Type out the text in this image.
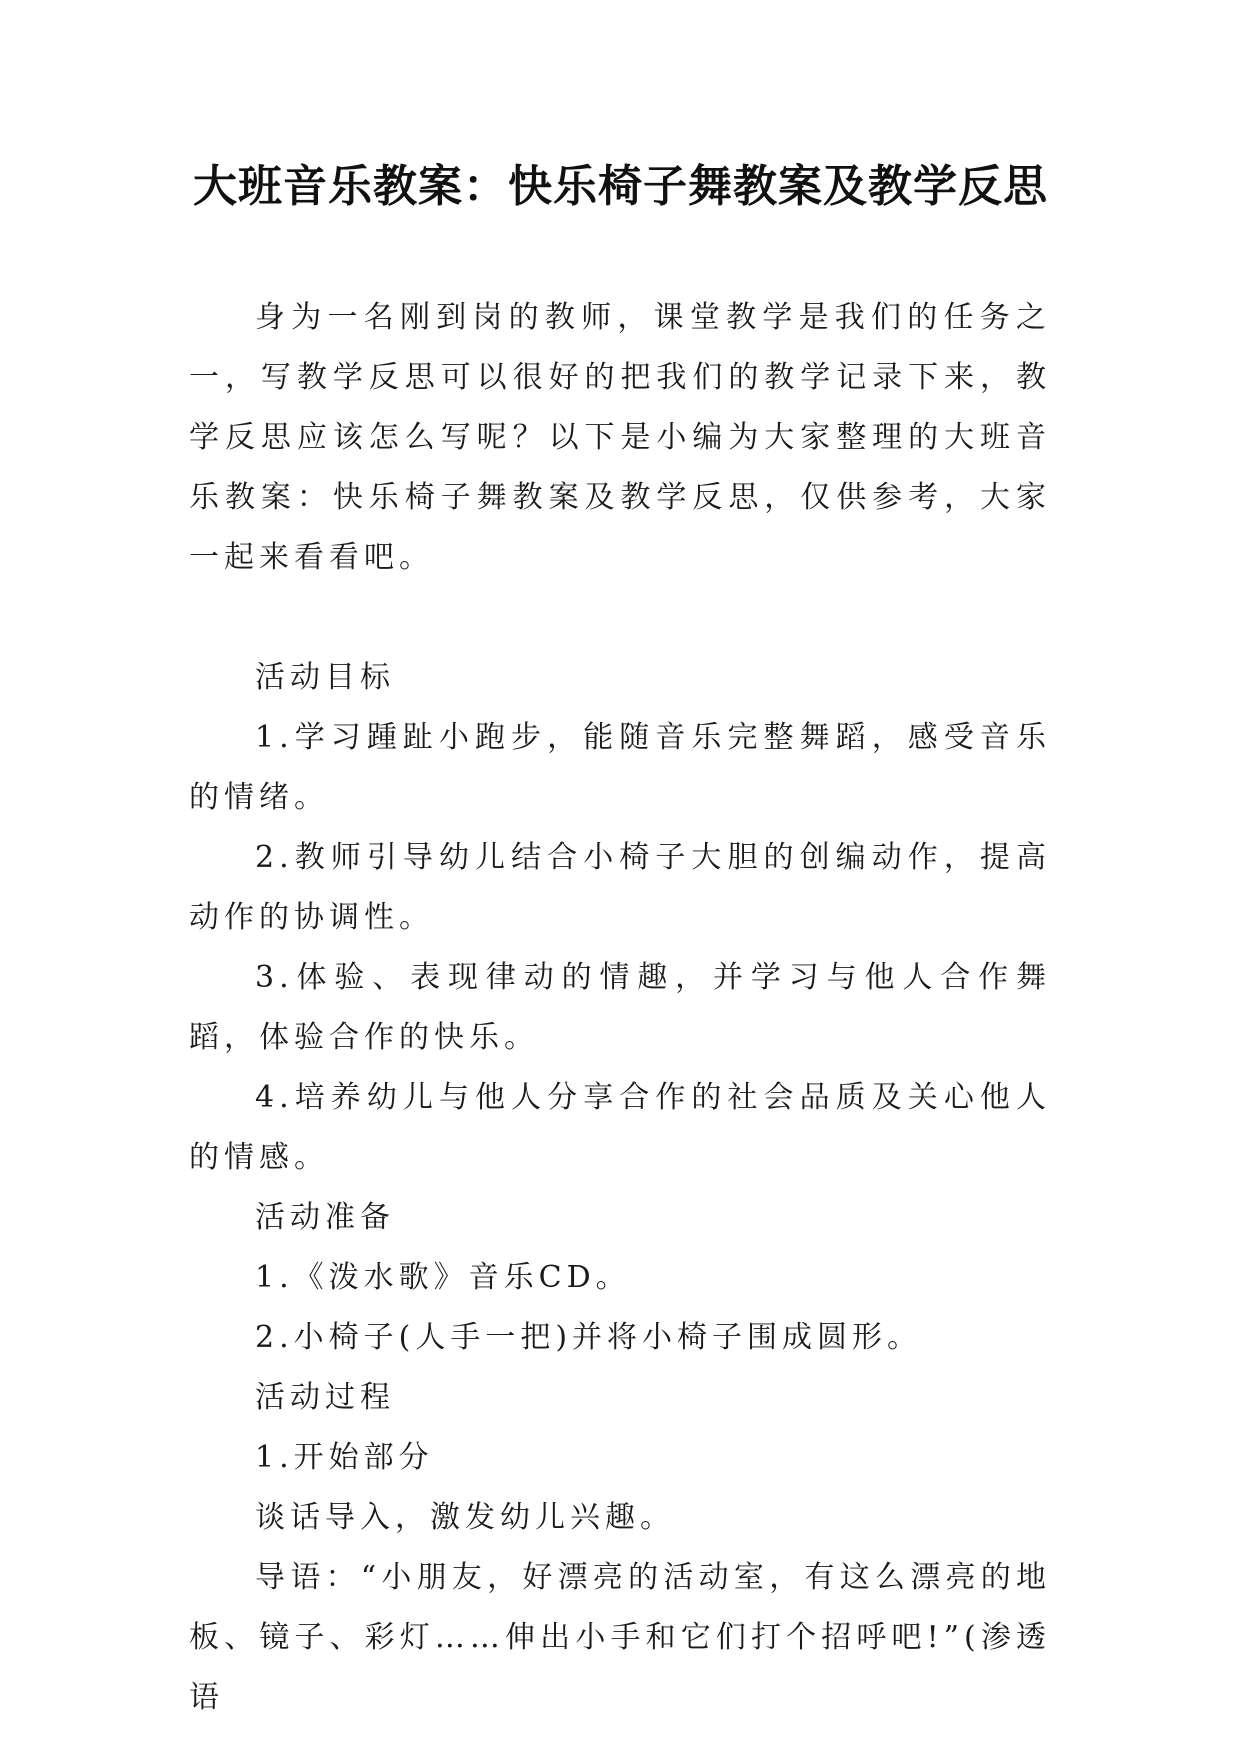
大班音乐教案：快乐椅子舞教案及教学反思

身为一名刚到岗的教师，课堂教学是我们的任务之一，写教学反思可以很好的把我们的教学记录下来，教学反思应该怎么写呢？以下是小编为大家整理的大班音乐教案：快乐椅子舞教案及教学反思，仅供参考，大家一起来看看吧。

活动目标

1.学习踵趾小跑步，能随音乐完整舞蹈，感受音乐的情绪。

2.教师引导幼儿结合小椅子大胆的创编动作，提高动作的协调性。

3.体验、表现律动的情趣，并学习与他人合作舞蹈，体验合作的快乐。

4.培养幼儿与他人分享合作的社会品质及关心他人的情感。

活动准备

1.《泼水歌》音乐CD。

2.小椅子(人手一把)并将小椅子围成圆形。

活动过程

1.开始部分

谈话导入，激发幼儿兴趣。

导语：“小朋友，好漂亮的活动室，有这么漂亮的地板、镜子、彩灯……伸出小手和它们打个招呼吧!”(渗透语
